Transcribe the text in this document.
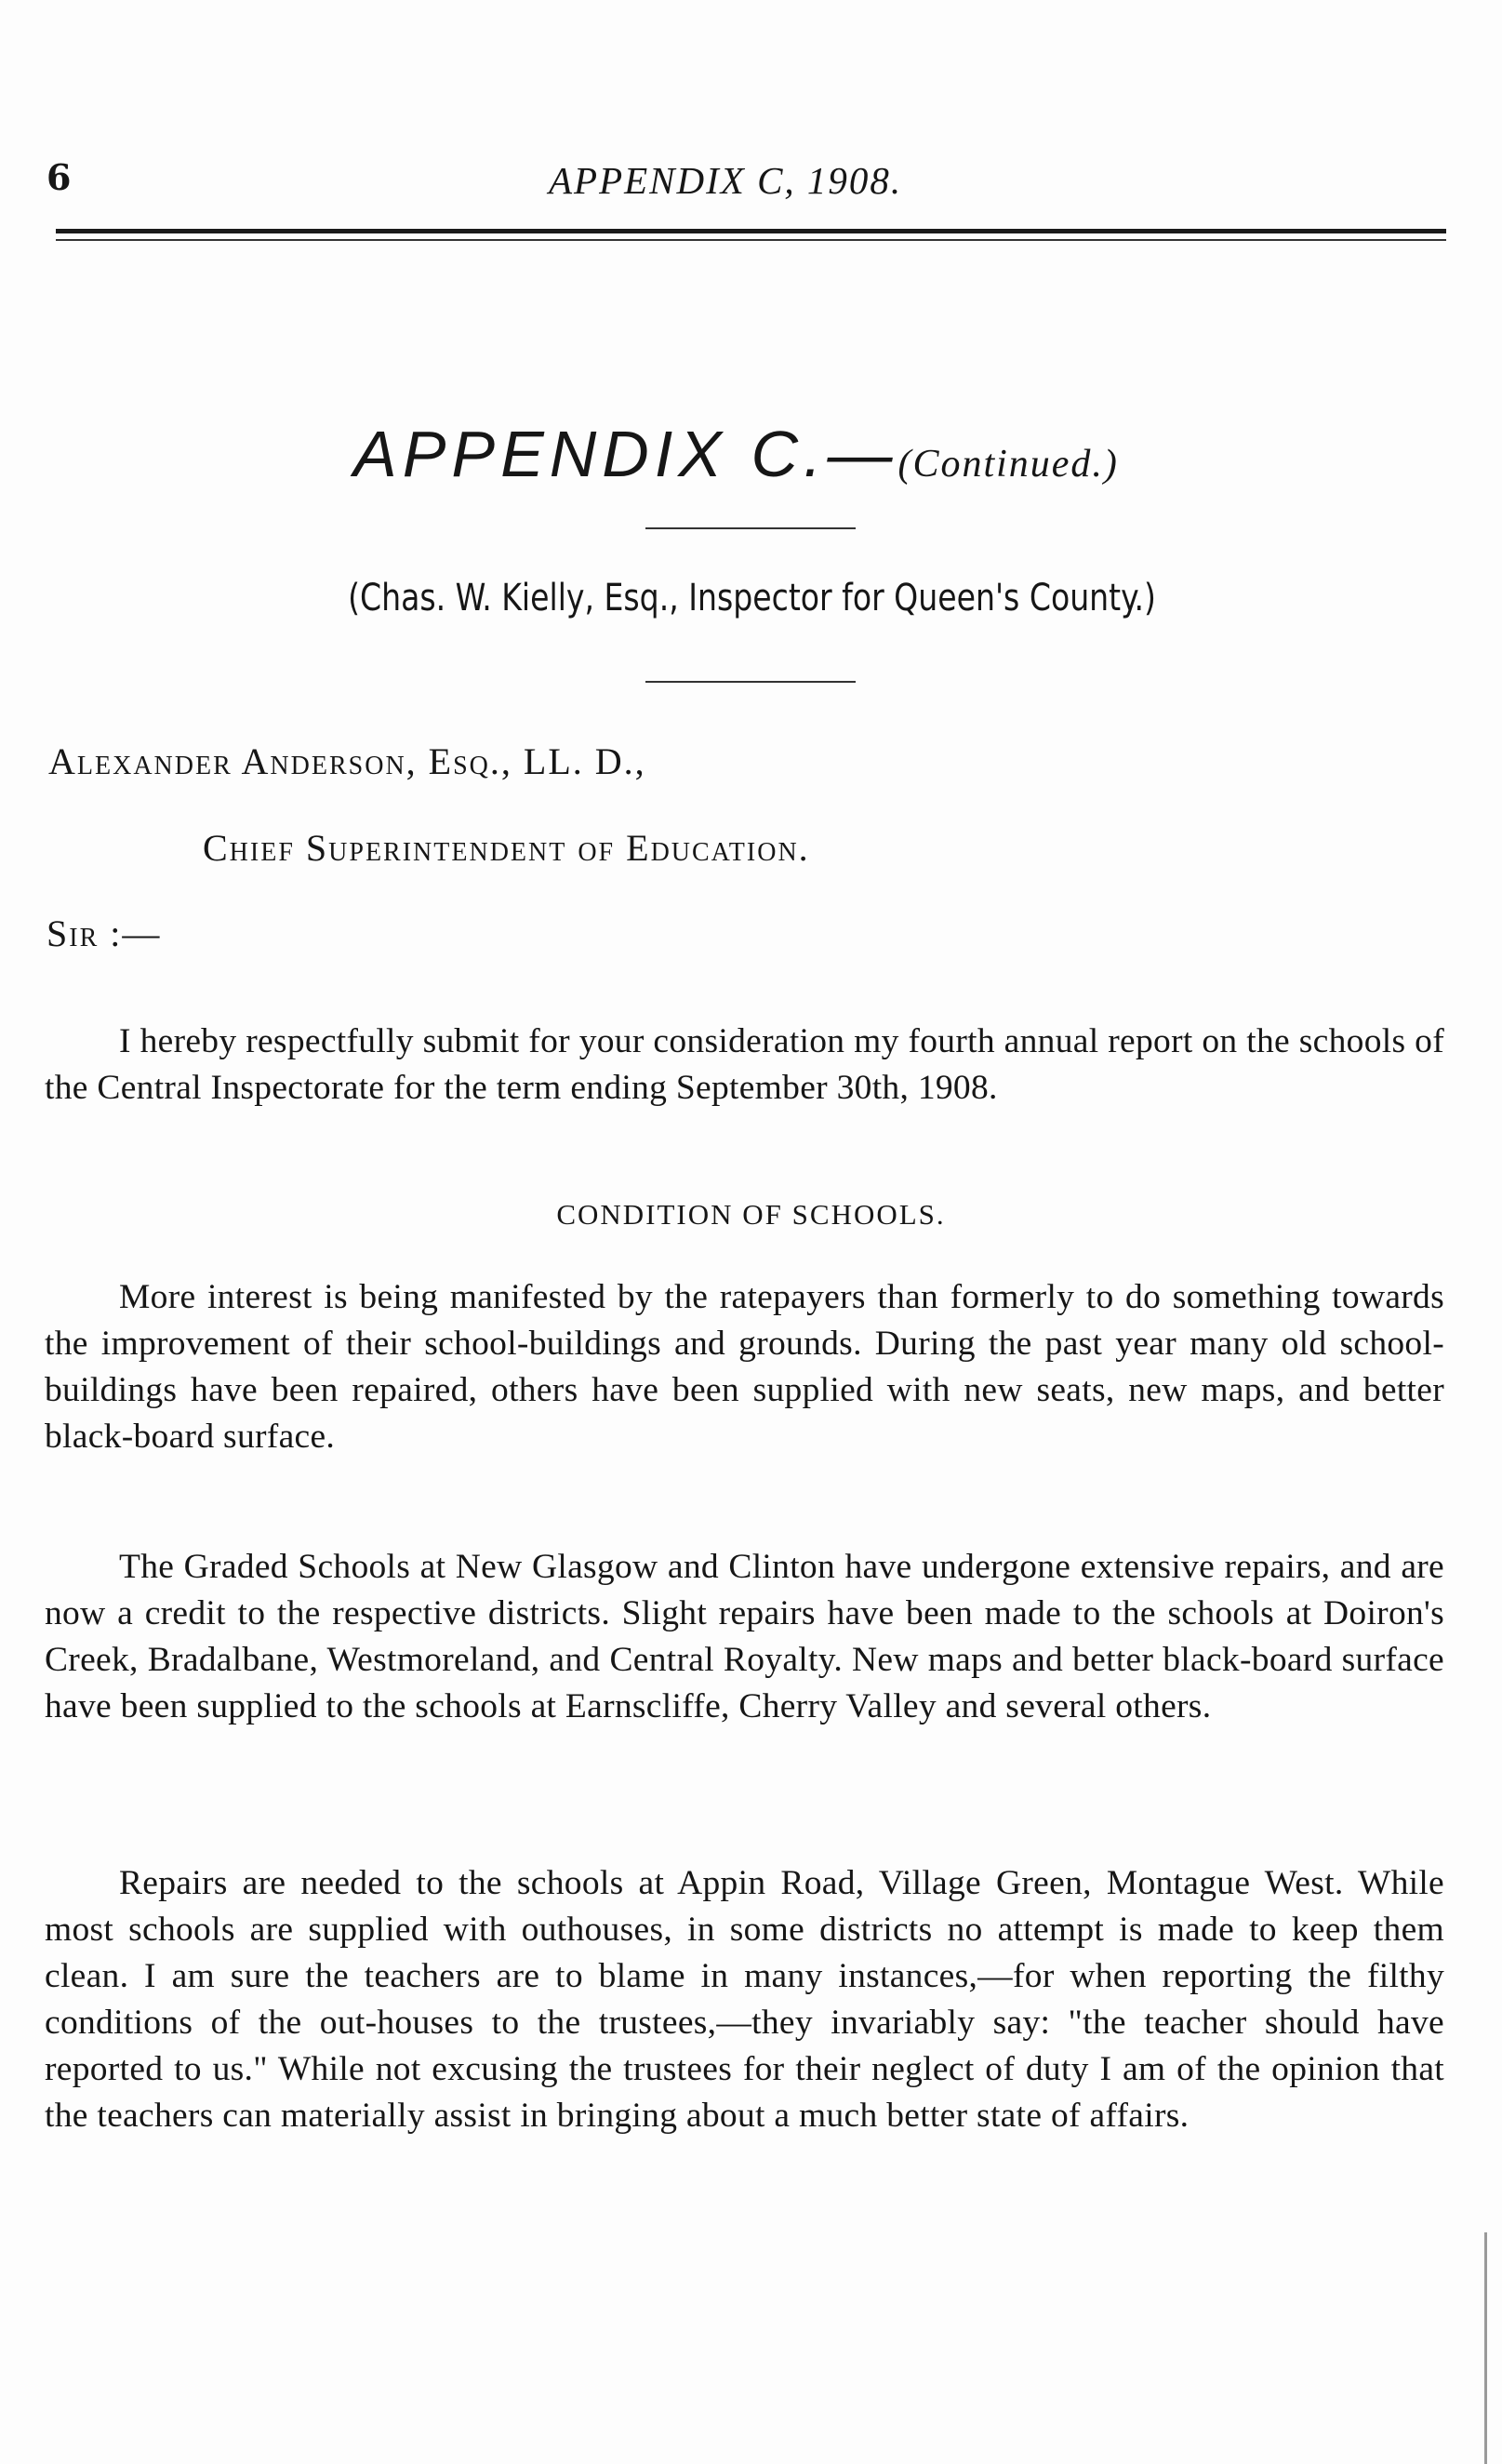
6	APPENDIX C, 1908.
APPENDIX C.—(Continued.)
(Chas. W. Kielly, Esq., Inspector for Queen's County.)
Alexander Anderson, Esq., LL. D.,
Chief Superintendent of Education.
Sir :—
I hereby respectfully submit for your consideration my fourth annual report on the schools of the Central Inspectorate for the term ending September 30th, 1908.
CONDITION OF SCHOOLS.
More interest is being manifested by the ratepayers than formerly to do something towards the improvement of their school-buildings and grounds. During the past year many old school-buildings have been repaired, others have been supplied with new seats, new maps, and better black-board surface.
The Graded Schools at New Glasgow and Clinton have undergone extensive repairs, and are now a credit to the respective districts. Slight repairs have been made to the schools at Doiron's Creek, Bradalbane, Westmoreland, and Central Royalty. New maps and better black-board surface have been supplied to the schools at Earnscliffe, Cherry Valley and several others.
Repairs are needed to the schools at Appin Road, Village Green, Montague West. While most schools are supplied with outhouses, in some districts no attempt is made to keep them clean. I am sure the teachers are to blame in many instances,—for when reporting the filthy conditions of the out-houses to the trustees,—they invariably say: "the teacher should have reported to us." While not excusing the trustees for their neglect of duty I am of the opinion that the teachers can materially assist in bringing about a much better state of affairs.
